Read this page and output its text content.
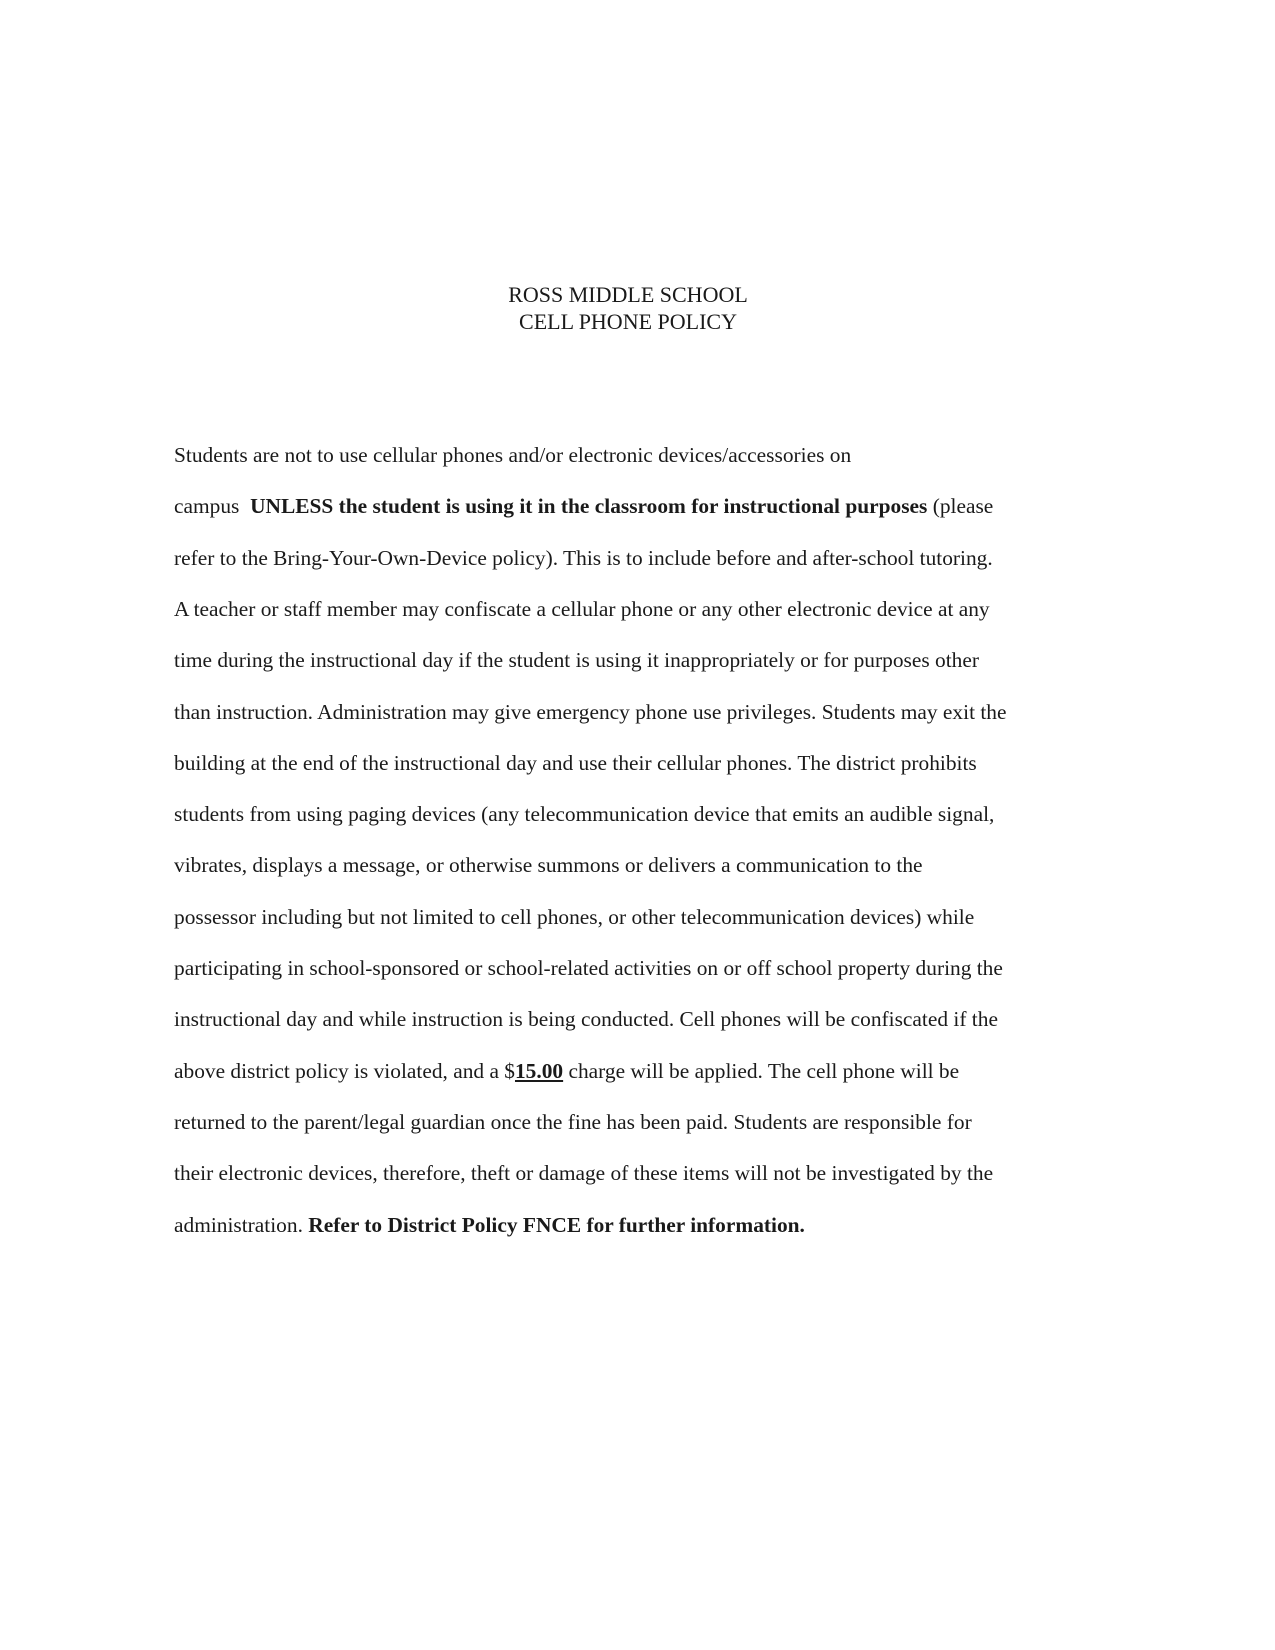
ROSS MIDDLE SCHOOL
CELL PHONE POLICY
Students are not to use cellular phones and/or electronic devices/accessories on
campus  UNLESS the student is using it in the classroom for instructional purposes (please
refer to the Bring-Your-Own-Device policy). This is to include before and after-school tutoring.
A teacher or staff member may confiscate a cellular phone or any other electronic device at any
time during the instructional day if the student is using it inappropriately or for purposes other
than instruction. Administration may give emergency phone use privileges. Students may exit the
building at the end of the instructional day and use their cellular phones. The district prohibits
students from using paging devices (any telecommunication device that emits an audible signal,
vibrates, displays a message, or otherwise summons or delivers a communication to the
possessor including but not limited to cell phones, or other telecommunication devices) while
participating in school-sponsored or school-related activities on or off school property during the
instructional day and while instruction is being conducted. Cell phones will be confiscated if the
above district policy is violated, and a $15.00 charge will be applied. The cell phone will be
returned to the parent/legal guardian once the fine has been paid. Students are responsible for
their electronic devices, therefore, theft or damage of these items will not be investigated by the
administration. Refer to District Policy FNCE for further information.
